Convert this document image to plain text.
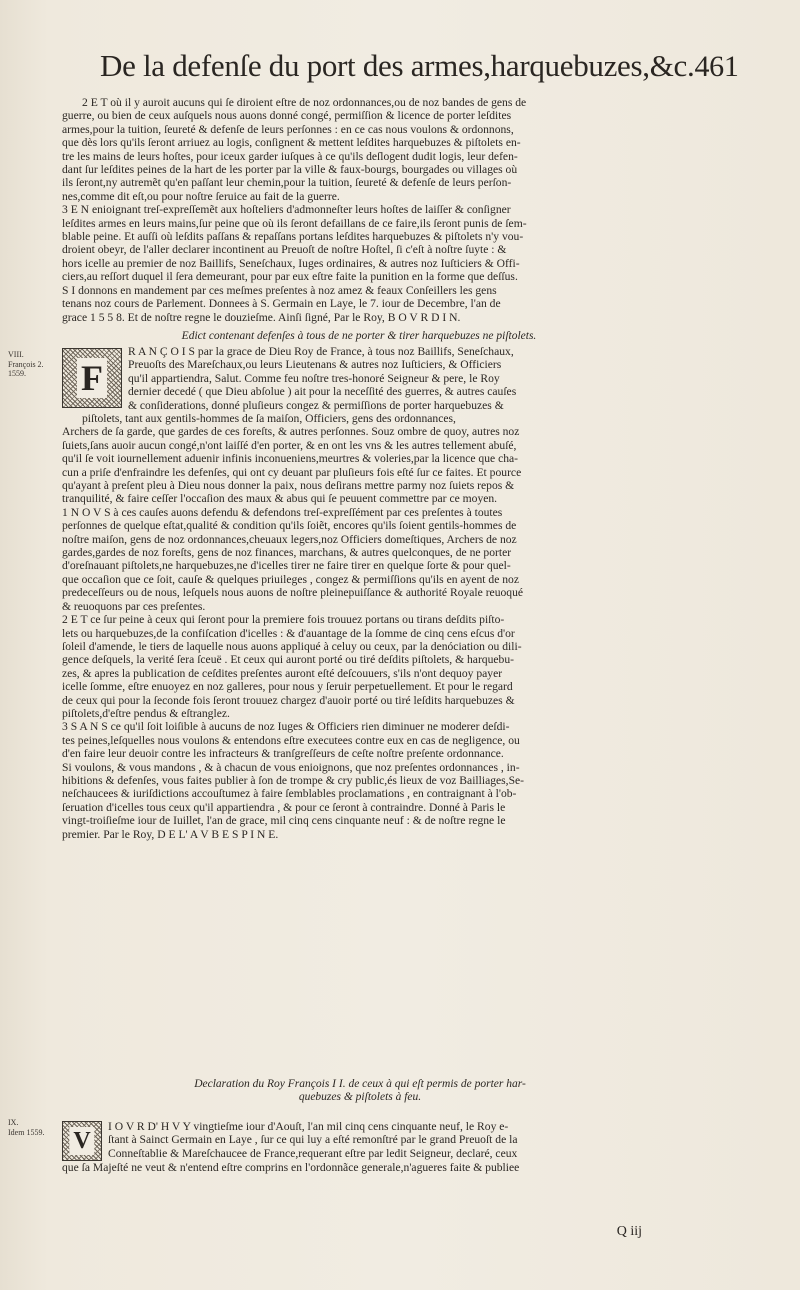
De la defenſe du port des armes,harquebuzes,&c. 461
2 E T où il y auroit aucuns qui ſe diroient eſtre de noz ordonnances,ou de noz bandes de gens de
guerre, ou bien de ceux auſquels nous auons donné congé, permiſſion & licence de porter leſdites
armes,pour la tuition, ſeureté & defenſe de leurs perſonnes : en ce cas nous voulons & ordonnons,
que dès lors qu'ils ſeront arriuez au logis, conſignent & mettent leſdites harquebuzes & piſtolets en-
tre les mains de leurs hoſtes, pour iceux garder iuſques à ce qu'ils deſlogent dudit logis, leur defen-
dant ſur leſdites peines de la hart de les porter par la ville & faux-bourgs, bourgades ou villages où
ils ſeront,ny autremẽt qu'en paſſant leur chemin,pour la tuition, ſeureté & defenſe de leurs perſon-
nes,comme dit eſt,ou pour noſtre ſeruice au fait de la guerre.
3 E N enioignant treſ-expreſſemẽt aux hoſteliers d'admonneſter leurs hoſtes de laiſſer & conſigner
leſdites armes en leurs mains,ſur peine que où ils ſeront defaillans de ce faire,ils ſeront punis de ſem-
blable peine. Et auſſi où leſdits paſſans & repaſſans portans leſdites harquebuzes & piſtolets n'y vou-
droient obeyr, de l'aller declarer incontinent au Preuoſt de noſtre Hoſtel, ſi c'eſt à noſtre ſuyte : &
hors icelle au premier de noz Baillifs, Seneſchaux, Iuges ordinaires, & autres noz Iuſticiers & Offi-
ciers,au reſſort duquel il ſera demeurant, pour par eux eſtre faite la punition en la forme que deſſus.
S I donnons en mandement par ces meſmes preſentes à noz amez & feaux Conſeillers les gens
tenans noz cours de Parlement. Donnees à S. Germain en Laye, le 7. iour de Decembre, l'an de
grace 1 5 5 8. Et de noſtre regne le douzieſme. Ainſi ſigné, Par le Roy, B O V R D I N.
Edict contenant defenſes à tous de ne porter & tirer harquebuzes ne piſtolets.
VIII.
François 2.
1559.	F
R A N Ç O I S par la grace de Dieu Roy de France, à tous noz Baillifs, Seneſchaux,
Preuoſts des Mareſchaux,ou leurs Lieutenans & autres noz Iuſticiers, & Officiers
qu'il appartiendra, Salut. Comme feu noſtre tres-honoré Seigneur & pere, le Roy
dernier decedé ( que Dieu abſolue ) ait pour la neceſſité des guerres, & autres cauſes
& conſiderations, donné pluſieurs congez & permiſſions de porter harquebuzes &
piſtolets, tant aux gentils-hommes de ſa maiſon, Officiers, gens des ordonnances,
Archers de ſa garde, que gardes de ces foreſts, & autres perſonnes. Souz ombre de quoy, autres noz
ſuiets,ſans auoir aucun congé,n'ont laiſſé d'en porter, & en ont les vns & les autres tellement abuſé,
qu'il ſe voit iournellement aduenir infinis inconueniens,meurtres & voleries,par la licence que cha-
cun a priſe d'enfraindre les defenſes, qui ont cy deuant par pluſieurs fois eſté ſur ce faites. Et pource
qu'ayant à preſent pleu à Dieu nous donner la paix, nous deſirans mettre parmy noz ſuiets repos &
tranquilité, & faire ceſſer l'occaſion des maux & abus qui ſe peuuent commettre par ce moyen.
1 N O V S à ces cauſes auons defendu & defendons treſ-expreſſément par ces preſentes à toutes
perſonnes de quelque eſtat,qualité & condition qu'ils ſoiẽt, encores qu'ils ſoient gentils-hommes de
noſtre maiſon, gens de noz ordonnances,cheuaux legers,noz Officiers domeſtiques, Archers de noz
gardes,gardes de noz foreſts, gens de noz finances, marchans, & autres quelconques, de ne porter
d'oreſnauant piſtolets,ne harquebuzes,ne d'icelles tirer ne faire tirer en quelque ſorte & pour quel-
que occaſion que ce ſoit, cauſe & quelques priuileges , congez & permiſſions qu'ils en ayent de noz
predeceſſeurs ou de nous, leſquels nous auons de noſtre pleinepuiſſance & authorité Royale reuoqué
& reuoquons par ces preſentes.
2 E T ce ſur peine à ceux qui ſeront pour la premiere fois trouuez portans ou tirans deſdits piſto-
lets ou harquebuzes,de la confiſcation d'icelles : & d'auantage de la ſomme de cinq cens eſcus d'or
ſoleil d'amende, le tiers de laquelle nous auons appliqué à celuy ou ceux, par la denóciation ou dili-
gence deſquels, la verité ſera ſceuë . Et ceux qui auront porté ou tiré deſdits piſtolets, & harquebu-
zes, & apres la publication de ceſdites preſentes auront eſté deſcouuers, s'ils n'ont dequoy payer
icelle ſomme, eſtre enuoyez en noz galleres, pour nous y ſeruir perpetuellement. Et pour le regard
de ceux qui pour la ſeconde fois ſeront trouuez chargez d'auoir porté ou tiré leſdits harquebuzes &
piſtolets,d'eſtre pendus & eſtranglez.
3 S A N S ce qu'il ſoit loiſible à aucuns de noz Iuges & Officiers rien diminuer ne moderer deſdi-
tes peines,leſquelles nous voulons & entendons eſtre executees contre eux en cas de negligence, ou
d'en faire leur deuoir contre les infracteurs & tranſgreſſeurs de ceſte noſtre preſente ordonnance.
Si voulons, & vous mandons , & à chacun de vous enioignons, que noz preſentes ordonnances , in-
hibitions & defenſes, vous faites publier à ſon de trompe & cry public,és lieux de voz Bailliages,Se-
neſchaucees & iuriſdictions accouſtumez à faire ſemblables proclamations , en contraignant à l'ob-
ſeruation d'icelles tous ceux qu'il appartiendra , & pour ce ſeront à contraindre. Donné à Paris le
vingt-troiſieſme iour de Iuillet, l'an de grace, mil cinq cens cinquante neuf : & de noſtre regne le
premier. Par le Roy, D E L' A V B E S P I N E.
Declaration du Roy François I I. de ceux à qui eſt permis de porter har-
quebuzes & piſtolets à feu.
IX.
Idem 1559. V
I O V R D' H V Y vingtieſme iour d'Aouſt, l'an mil cinq cens cinquante neuf, le Roy e-
ſtant à Sainct Germain en Laye , ſur ce qui luy a eſté remonſtré par le grand Preuoſt de la
Conneſtablie & Mareſchaucee de France,requerant eſtre par ledit Seigneur, declaré, ceux
que ſa Majeſté ne veut & n'entend eſtre comprins en l'ordonnãce generale,n'agueres faite & publiee
Q iij
